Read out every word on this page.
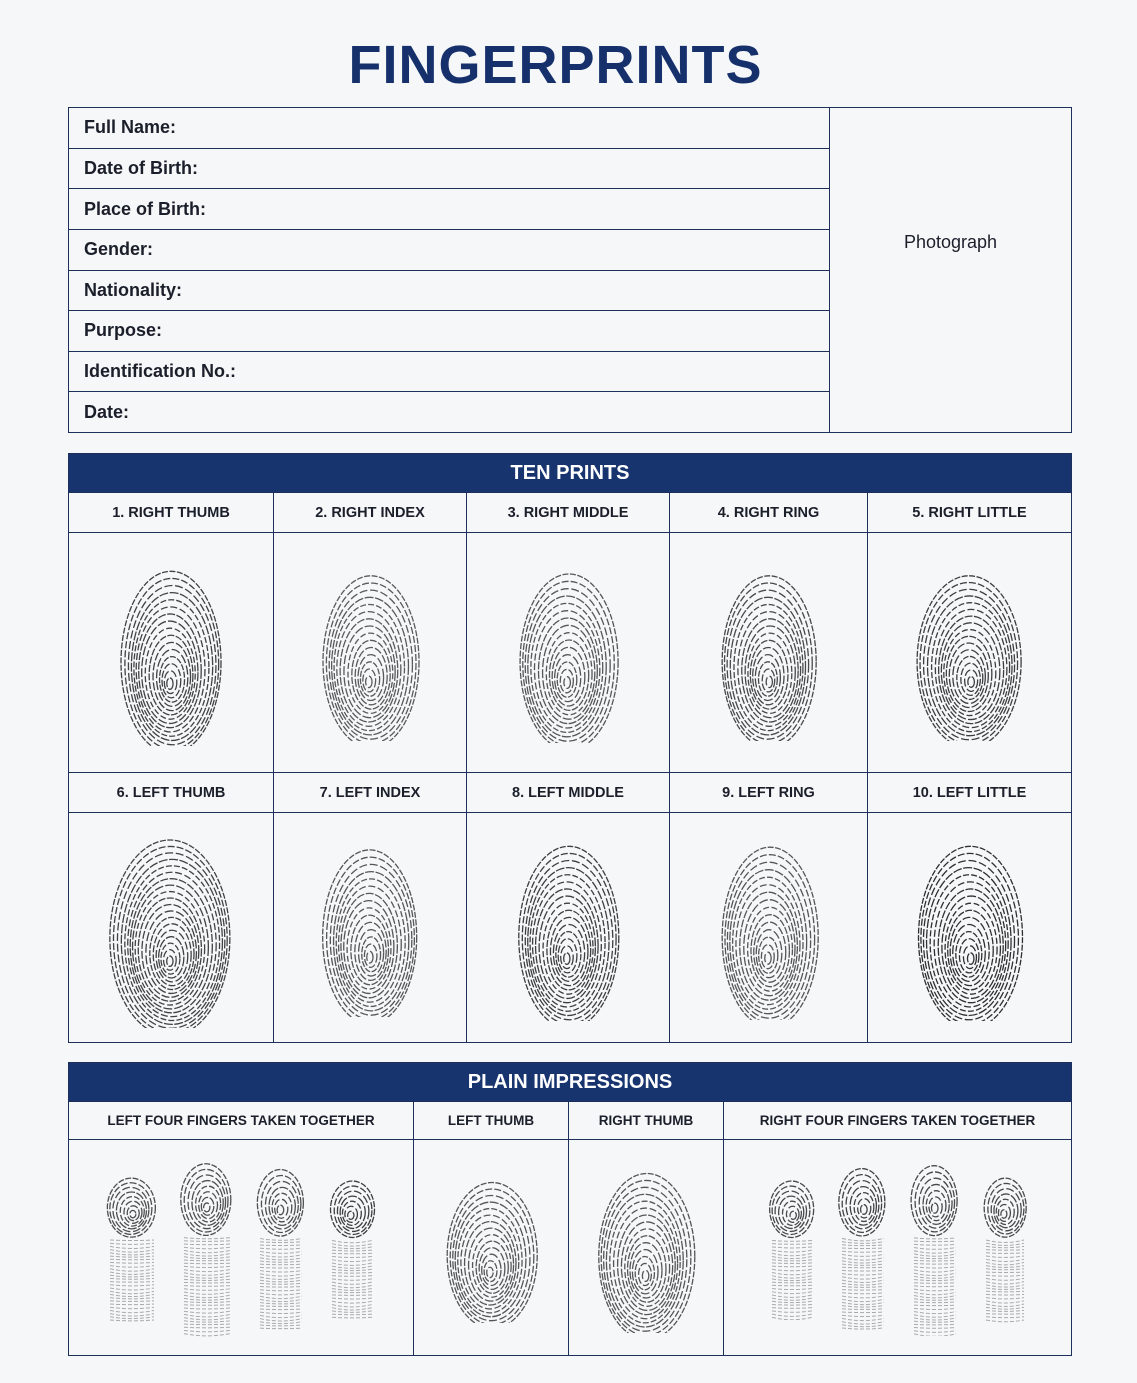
FINGERPRINTS
Full Name:
Date of Birth:
Place of Birth:
Gender:
Nationality:
Purpose:
Identification No.:
Date:
Photograph
TEN PRINTS
1. RIGHT THUMB	2. RIGHT INDEX	3. RIGHT MIDDLE	4. RIGHT RING	5. RIGHT LITTLE
6. LEFT THUMB	7. LEFT INDEX	8. LEFT MIDDLE	9. LEFT RING	10. LEFT LITTLE
PLAIN IMPRESSIONS
LEFT FOUR FINGERS TAKEN TOGETHER	LEFT THUMB	RIGHT THUMB	RIGHT FOUR FINGERS TAKEN TOGETHER
